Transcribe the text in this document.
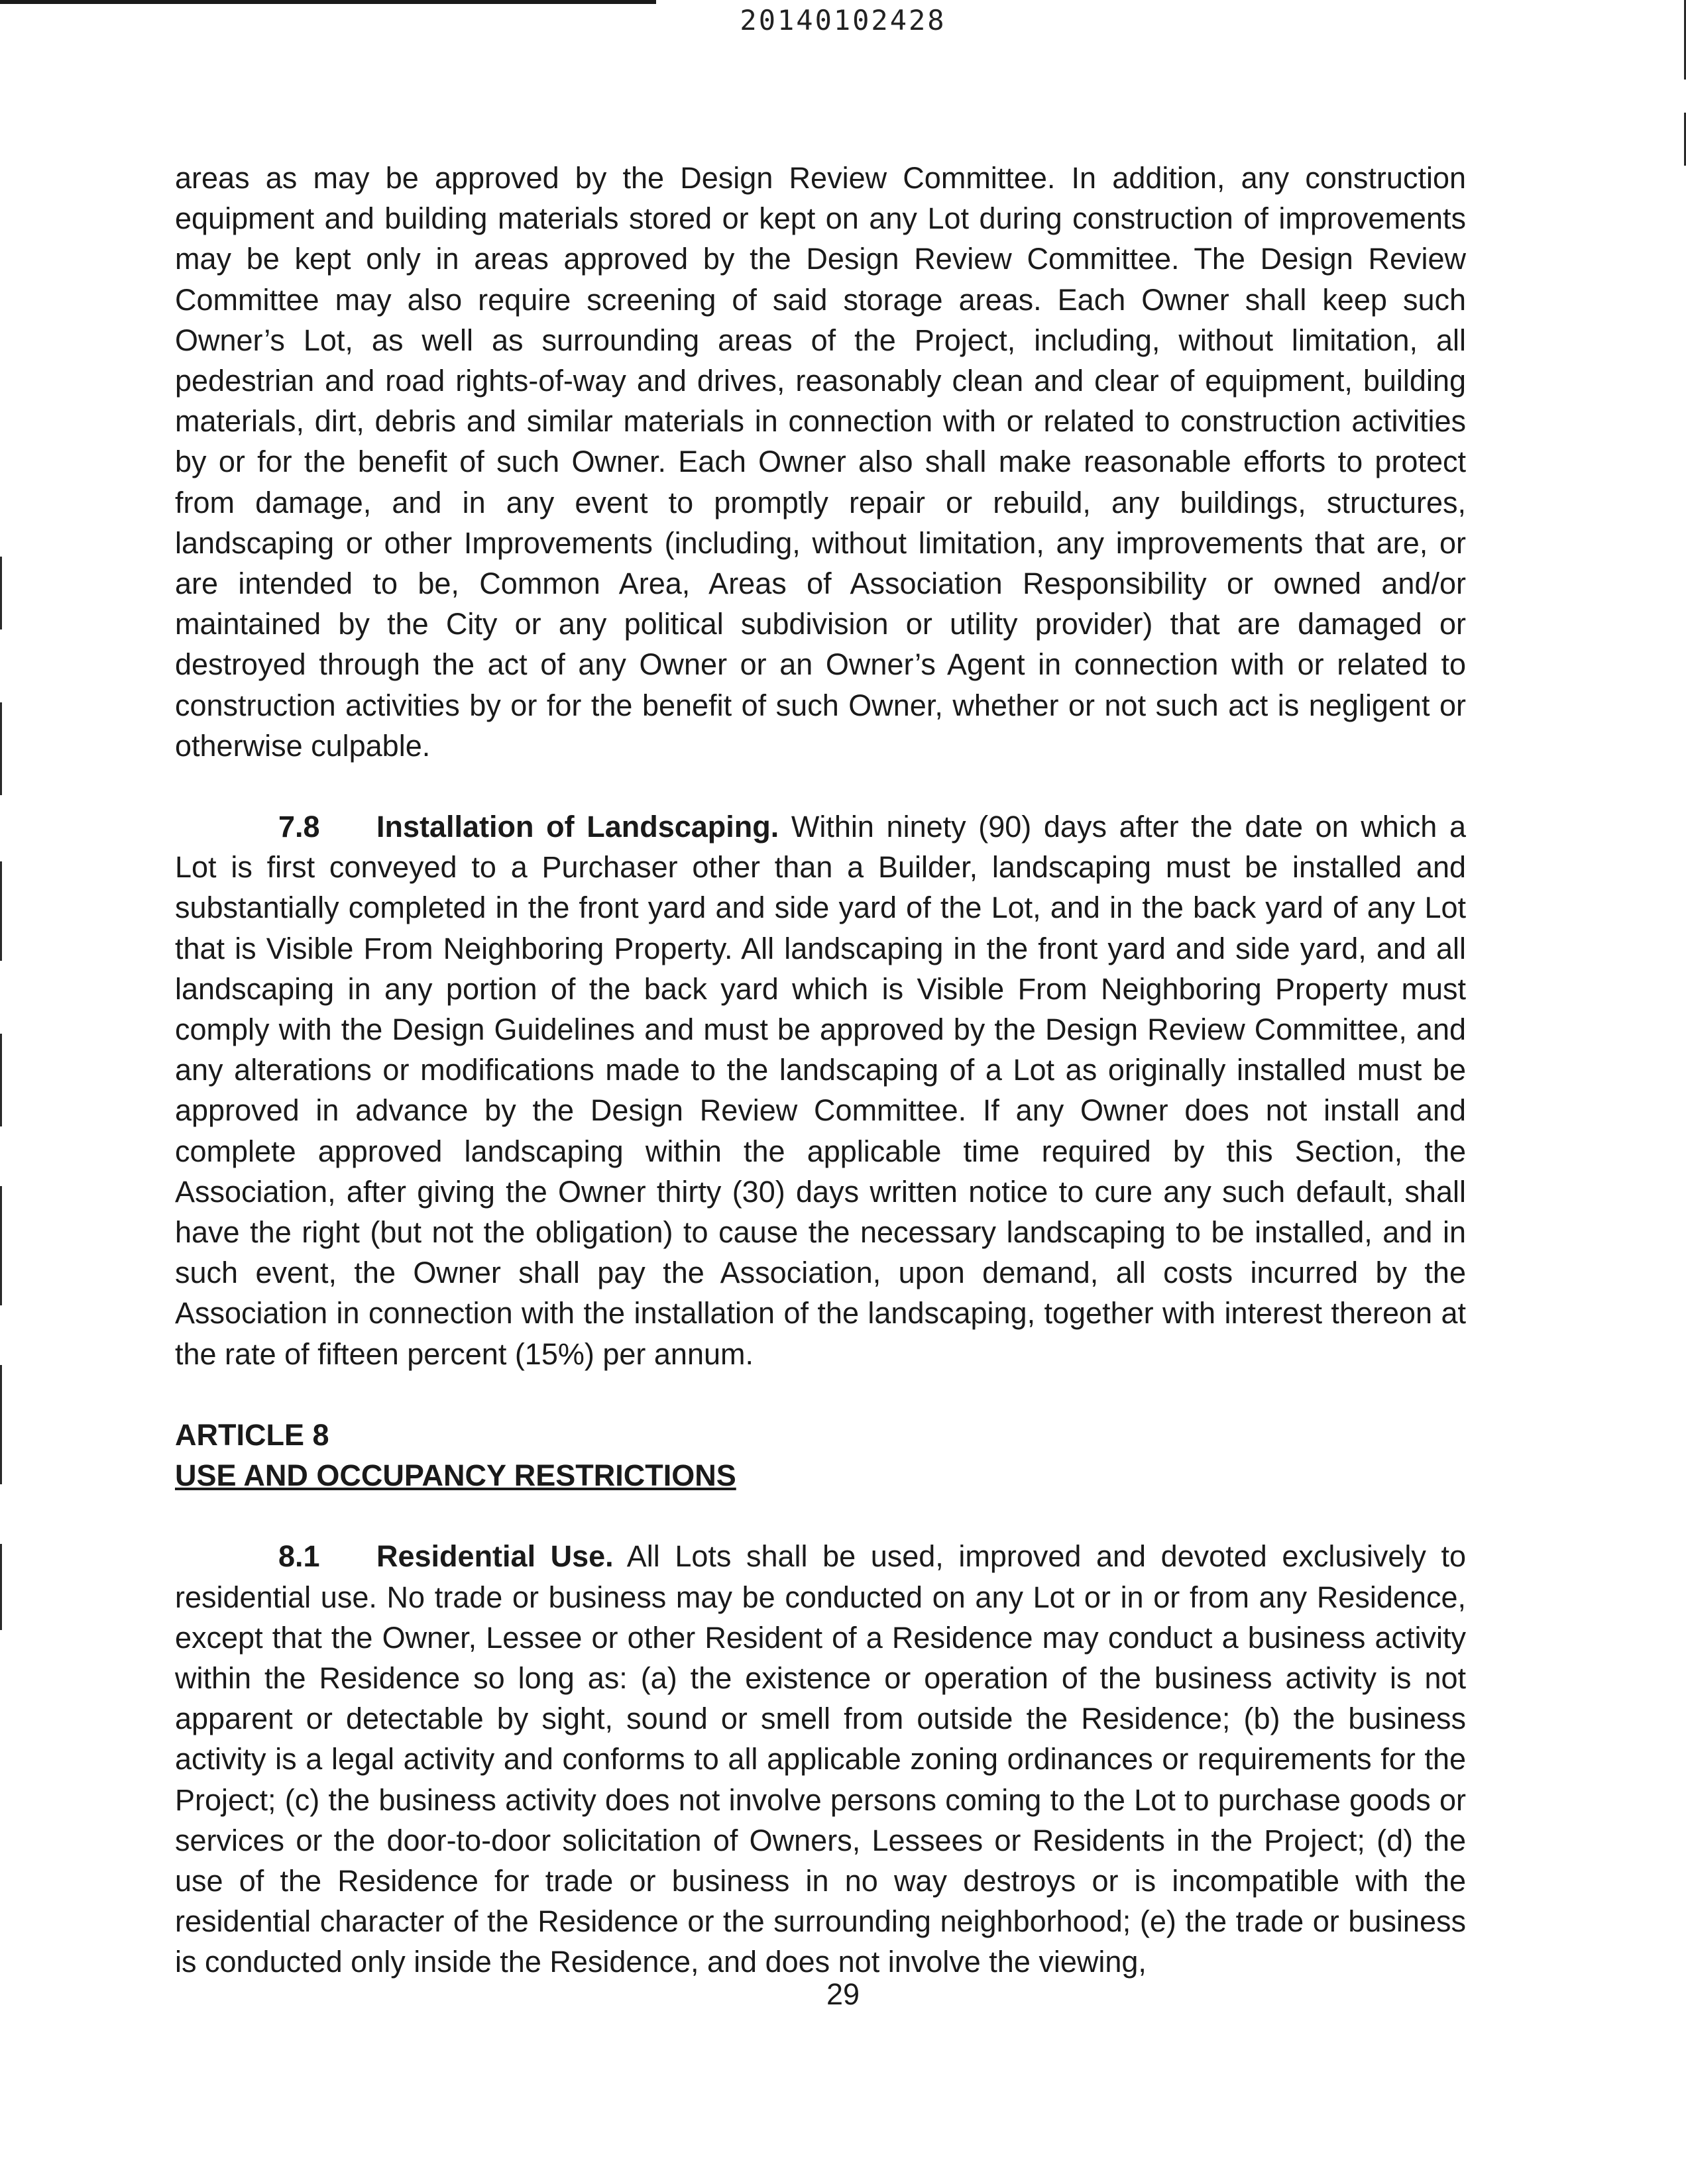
20140102428

areas as may be approved by the Design Review Committee. In addition, any construction equipment and building materials stored or kept on any Lot during construction of improvements may be kept only in areas approved by the Design Review Committee. The Design Review Committee may also require screening of said storage areas. Each Owner shall keep such Owner’s Lot, as well as surrounding areas of the Project, including, without limitation, all pedestrian and road rights-of-way and drives, reasonably clean and clear of equipment, building materials, dirt, debris and similar materials in connection with or related to construction activities by or for the benefit of such Owner. Each Owner also shall make reasonable efforts to protect from damage, and in any event to promptly repair or rebuild, any buildings, structures, landscaping or other Improvements (including, without limitation, any improvements that are, or are intended to be, Common Area, Areas of Association Responsibility or owned and/or maintained by the City or any political subdivision or utility provider) that are damaged or destroyed through the act of any Owner or an Owner’s Agent in connection with or related to construction activities by or for the benefit of such Owner, whether or not such act is negligent or otherwise culpable.

7.8 Installation of Landscaping. Within ninety (90) days after the date on which a Lot is first conveyed to a Purchaser other than a Builder, landscaping must be installed and substantially completed in the front yard and side yard of the Lot, and in the back yard of any Lot that is Visible From Neighboring Property. All landscaping in the front yard and side yard, and all landscaping in any portion of the back yard which is Visible From Neighboring Property must comply with the Design Guidelines and must be approved by the Design Review Committee, and any alterations or modifications made to the landscaping of a Lot as originally installed must be approved in advance by the Design Review Committee. If any Owner does not install and complete approved landscaping within the applicable time required by this Section, the Association, after giving the Owner thirty (30) days written notice to cure any such default, shall have the right (but not the obligation) to cause the necessary landscaping to be installed, and in such event, the Owner shall pay the Association, upon demand, all costs incurred by the Association in connection with the installation of the landscaping, together with interest thereon at the rate of fifteen percent (15%) per annum.

ARTICLE 8

USE AND OCCUPANCY RESTRICTIONS

8.1 Residential Use. All Lots shall be used, improved and devoted exclusively to residential use. No trade or business may be conducted on any Lot or in or from any Residence, except that the Owner, Lessee or other Resident of a Residence may conduct a business activity within the Residence so long as: (a) the existence or operation of the business activity is not apparent or detectable by sight, sound or smell from outside the Residence; (b) the business activity is a legal activity and conforms to all applicable zoning ordinances or requirements for the Project; (c) the business activity does not involve persons coming to the Lot to purchase goods or services or the door-to-door solicitation of Owners, Lessees or Residents in the Project; (d) the use of the Residence for trade or business in no way destroys or is incompatible with the residential character of the Residence or the surrounding neighborhood; (e) the trade or business is conducted only inside the Residence, and does not involve the viewing,

29
